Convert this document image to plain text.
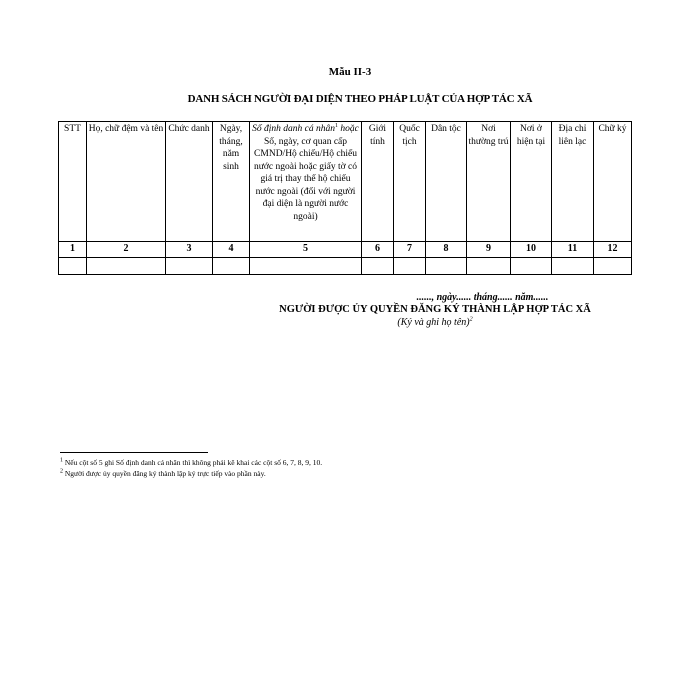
Mẫu II-3
DANH SÁCH NGƯỜI ĐẠI DIỆN THEO PHÁP LUẬT CỦA HỢP TÁC XÃ
STT	Họ, chữ đệm và tên	Chức danh	Ngày, tháng, năm sinh	Số định danh cá nhân$^1$ hoặc Số, ngày, cơ quan cấp CMND/Hộ chiếu/Hộ chiếu nước ngoài hoặc giấy tờ có giá trị thay thế hộ chiếu nước ngoài (đối với người đại diện là người nước ngoài)	Giới tính	Quốc tịch	Dân tộc	Nơi thường trú	Nơi ở hiện tại	Địa chỉ liên lạc	Chữ ký
1	2	3	4	5	6	7	8	9	10	11	12

......, ngày...... tháng...... năm......
NGƯỜI ĐƯỢC ỦY QUYỀN ĐĂNG KÝ THÀNH LẬP HỢP TÁC XÃ
(Ký và ghi họ tên)$^2$
$^1$ Nếu cột số 5 ghi Số định danh cá nhân thì không phải kê khai các cột số 6, 7, 8, 9, 10.
$^2$ Người được ủy quyền đăng ký thành lập ký trực tiếp vào phần này.
